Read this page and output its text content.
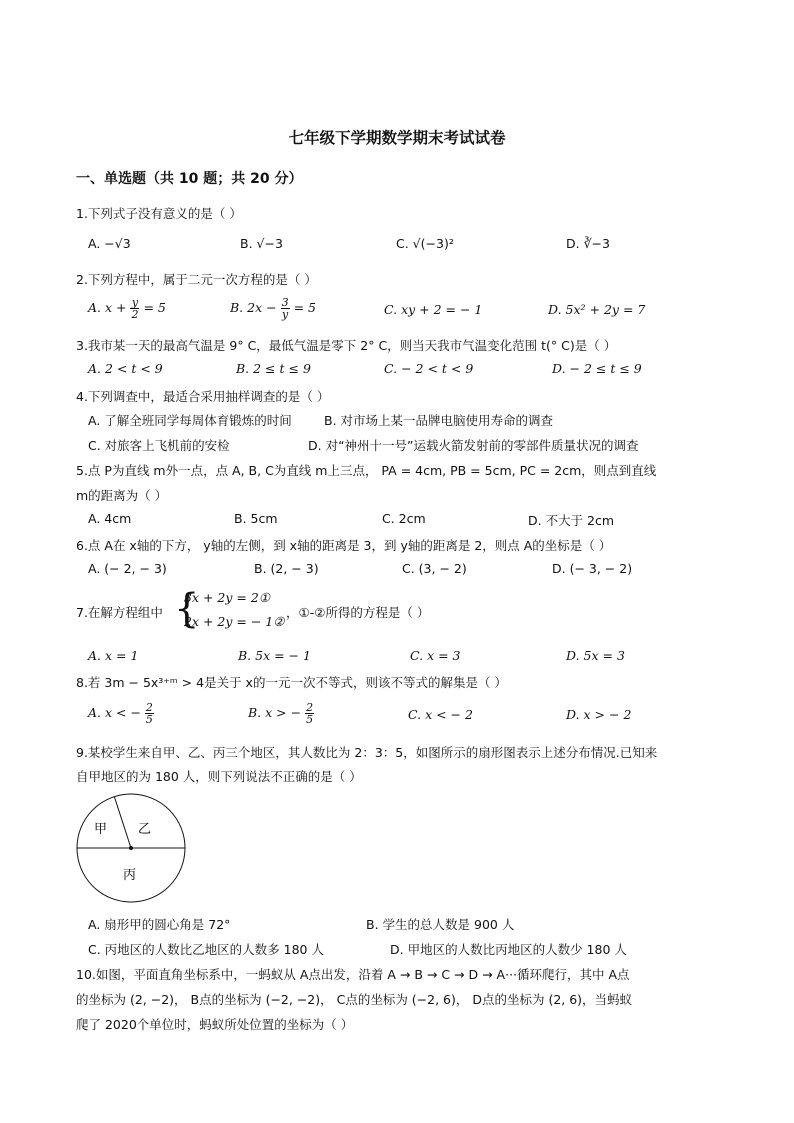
七年级下学期数学期末考试试卷
一、单选题（共 10 题；共 20 分）
1.下列式子没有意义的是（ ）
A. −√3	B. √−3	C. √(−3)²	D. ∛−3
2.下列方程中，属于二元一次方程的是（ ）
A. $x + \frac{y}{2} = 5$	B. $2x - \frac{3}{y} = 5$	C. xy + 2 = − 1	D. 5x² + 2y = 7
3.我市某一天的最高气温是 9° C，最低气温是零下 2° C，则当天我市气温变化范围 t(° C)是（ ）
A. 2 < t < 9	B. 2 ≤ t ≤ 9	C. − 2 < t < 9	D. − 2 ≤ t ≤ 9
4.下列调查中，最适合采用抽样调查的是（ ）
A. 了解全班同学每周体育锻炼的时间	B. 对市场上某一品牌电脑使用寿命的调查
C. 对旅客上飞机前的安检	D. 对“神州十一号”运载火箭发射前的零部件质量状况的调查
5.点 P为直线 m外一点，点 A, B, C为直线 m上三点， PA = 4cm, PB = 5cm, PC = 2cm，则点到直线
m的距离为（ ）
A. 4cm	B. 5cm	C. 2cm	D. 不大于 2cm
6.点 A在 x轴的下方， y轴的左侧，到 x轴的距离是 3，到 y轴的距离是 2，则点 A的坐标是（ ）
A. (− 2, − 3)	B. (2, − 3)	C. (3, − 2)	D. (− 3, − 2)
7.在解方程组中 {
3x + 2y = 2①
2x + 2y = − 1②
，①-②所得的方程是（ ）
A. x = 1	B. 5x = − 1	C. x = 3	D. 5x = 3
8.若 3m − 5x³⁺ᵐ > 4是关于 x的一元一次不等式，则该不等式的解集是（ ）
A. x < − $\frac{2}{5}$	B. x > − $\frac{2}{5}$	C. x < − 2	D. x > − 2
9.某校学生来自甲、乙、丙三个地区，其人数比为 2：3：5，如图所示的扇形图表示上述分布情况.已知来
自甲地区的为 180 人，则下列说法不正确的是（ ）
甲 乙
丙
A. 扇形甲的圆心角是 72°	B. 学生的总人数是 900 人
C. 丙地区的人数比乙地区的人数多 180 人	D. 甲地区的人数比丙地区的人数少 180 人
10.如图，平面直角坐标系中，一蚂蚁从 A点出发，沿着 A → B → C → D → A···循环爬行，其中 A点
的坐标为 (2, −2)， B点的坐标为 (−2, −2)， C点的坐标为 (−2, 6)， D点的坐标为 (2, 6)，当蚂蚁
爬了 2020个单位时，蚂蚁所处位置的坐标为（ ）
